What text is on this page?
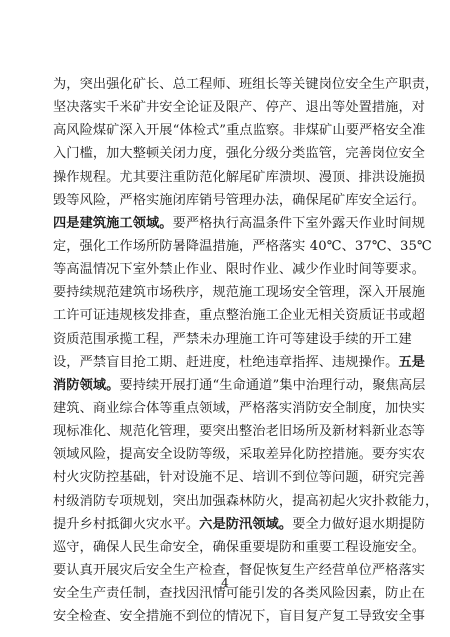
为，突出强化矿长、总工程师、班组长等关键岗位安全生产职责，
坚决落实千米矿井安全论证及限产、停产、退出等处置措施，对
高风险煤矿深入开展“体检式”重点监察。非煤矿山要严格安全准
入门槛，加大整顿关闭力度，强化分级分类监管，完善岗位安全
操作规程。尤其要注重防范化解尾矿库溃坝、漫顶、排洪设施损
毁等风险，严格实施闭库销号管理办法，确保尾矿库安全运行。
四是建筑施工领域。要严格执行高温条件下室外露天作业时间规
定，强化工作场所防暑降温措施，严格落实 40℃、37℃、35℃
等高温情况下室外禁止作业、限时作业、减少作业时间等要求。
要持续规范建筑市场秩序，规范施工现场安全管理，深入开展施
工许可证违规核发排查，重点整治施工企业无相关资质证书或超
资质范围承揽工程，严禁未办理施工许可等建设手续的开工建
设，严禁盲目抢工期、赶进度，杜绝违章指挥、违规操作。五是
消防领域。要持续开展打通“生命通道”集中治理行动，聚焦高层
建筑、商业综合体等重点领域，严格落实消防安全制度，加快实
现标准化、规范化管理，要突出整治老旧场所及新材料新业态等
领域风险，提高安全设防等级，采取差异化防控措施。要夯实农
村火灾防控基础，针对设施不足、培训不到位等问题，研究完善
村级消防专项规划，突出加强森林防火，提高初起火灾扑救能力，
提升乡村抵御火灾水平。六是防汛领域。要全力做好退水期提防
巡守，确保人民生命安全，确保重要堤防和重要工程设施安全。
要认真开展灾后安全生产检查，督促恢复生产经营单位严格落实
安全生产责任制，查找因汛情可能引发的各类风险因素，防止在
安全检查、安全措施不到位的情况下，盲目复产复工导致安全事
4
